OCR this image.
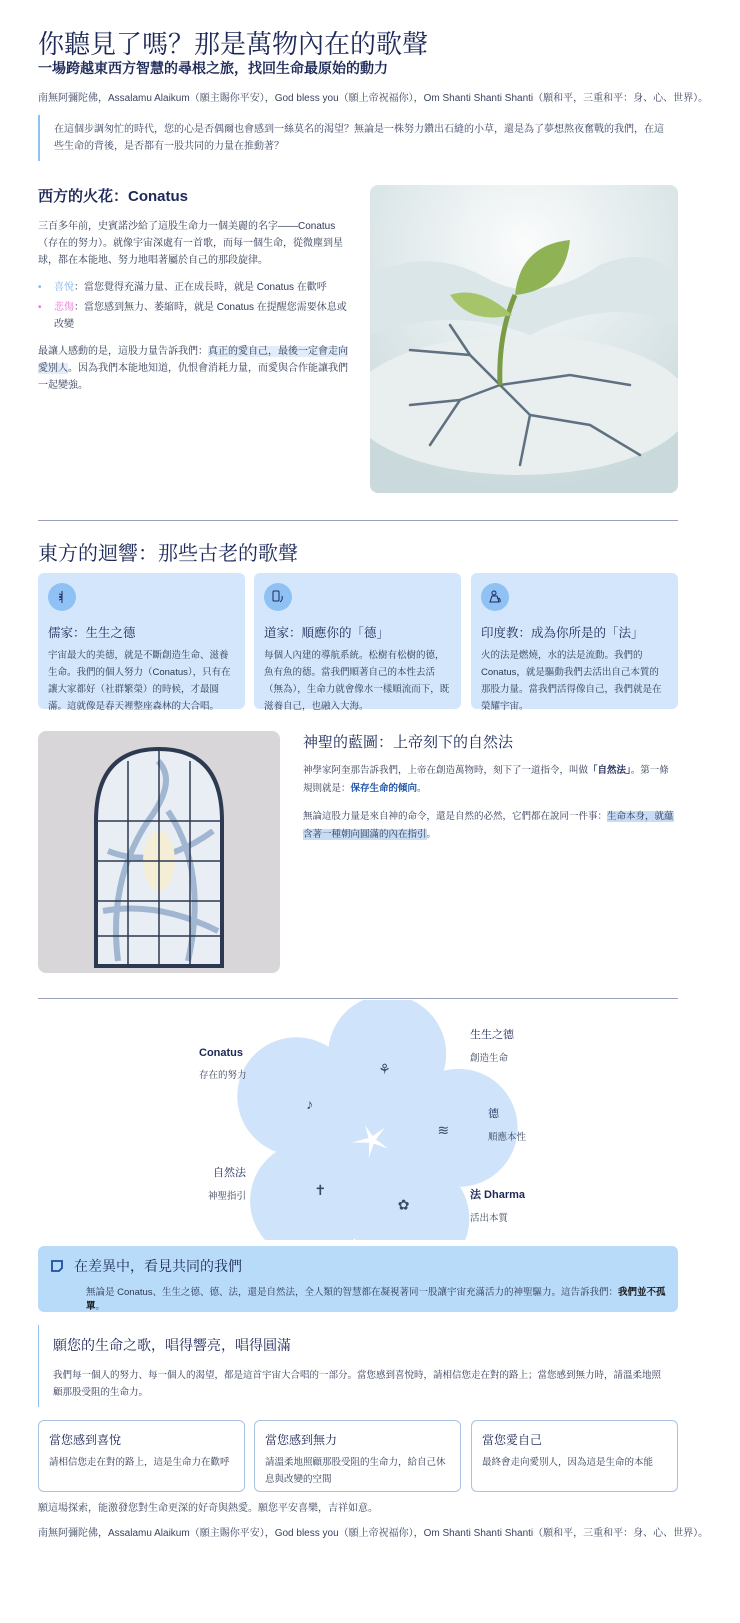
你聽見了嗎？那是萬物內在的歌聲
一場跨越東西方智慧的尋根之旅，找回生命最原始的動力
南無阿彌陀佛，Assalamu Alaikum（願主賜你平安），God bless you（願上帝祝福你），Om Shanti Shanti Shanti（願和平，三重和平：身、心、世界）。
在這個步調匆忙的時代，您的心是否偶爾也會感到一絲莫名的渴望？無論是一株努力鑽出石縫的小草，還是為了夢想熬夜奮戰的我們，在這些生命的背後，是否都有一股共同的力量在推動著？
西方的火花：Conatus

三百多年前，史賓諾沙給了這股生命力一個美麗的名字——Conatus（存在的努力）。就像宇宙深處有一首歌，而每一個生命，從微塵到星球，都在本能地、努力地唱著屬於自己的那段旋律。

• 喜悅：當您覺得充滿力量、正在成長時，就是 Conatus 在歡呼
• 悲傷：當您感到無力、萎縮時，就是 Conatus 在提醒您需要休息或改變

最讓人感動的是，這股力量告訴我們：真正的愛自己，最後一定會走向愛別人。因為我們本能地知道，仇恨會消耗力量，而愛與合作能讓我們一起變強。

東方的迴響：那些古老的歌聲
儒家：生生之德

宇宙最大的美德，就是不斷創造生命、滋養生命。我們的個人努力（Conatus），只有在讓大家都好（社群繁榮）的時候，才最圓滿。這就像是春天裡整座森林的大合唱。

道家：順應你的「德」

每個人內建的導航系統。松樹有松樹的德，魚有魚的德。當我們順著自己的本性去活（無為），生命力就會像水一樣順流而下，既滋養自己，也融入大海。

印度教：成為你所是的「法」

火的法是燃燒，水的法是流動。我們的 Conatus，就是驅動我們去活出自己本質的那股力量。當我們活得像自己，我們就是在榮耀宇宙。

神聖的藍圖：上帝刻下的自然法

神學家阿奎那告訴我們，上帝在創造萬物時，刻下了一道指令，叫做「自然法」。第一條規則就是：保存生命的傾向。

無論這股力量是來自神的命令，還是自然的必然，它們都在說同一件事：生命本身，就蘊含著一種朝向圓滿的內在指引。

♪
⚘
≋
✿
✝
Conatus
存在的努力
生生之德
創造生命
德
順應本性
法 Dharma
活出本質
自然法
神聖指引
在差異中，看見共同的我們

無論是 Conatus、生生之德、德、法，還是自然法，全人類的智慧都在凝視著同一股讓宇宙充滿活力的神聖驅力。這告訴我們：我們並不孤單。

願您的生命之歌，唱得響亮，唱得圓滿

我們每一個人的努力、每一個人的渴望，都是這首宇宙大合唱的一部分。當您感到喜悅時，請相信您走在對的路上；當您感到無力時，請溫柔地照顧那股受阻的生命力。

當您感到喜悅

請相信您走在對的路上，這是生命力在歡呼

當您感到無力

請溫柔地照顧那股受阻的生命力，給自己休息與改變的空間

當您愛自己

最終會走向愛別人，因為這是生命的本能

願這場探索，能激發您對生命更深的好奇與熱愛。願您平安喜樂，吉祥如意。
南無阿彌陀佛，Assalamu Alaikum（願主賜你平安），God bless you（願上帝祝福你），Om Shanti Shanti Shanti（願和平，三重和平：身、心、世界）。
